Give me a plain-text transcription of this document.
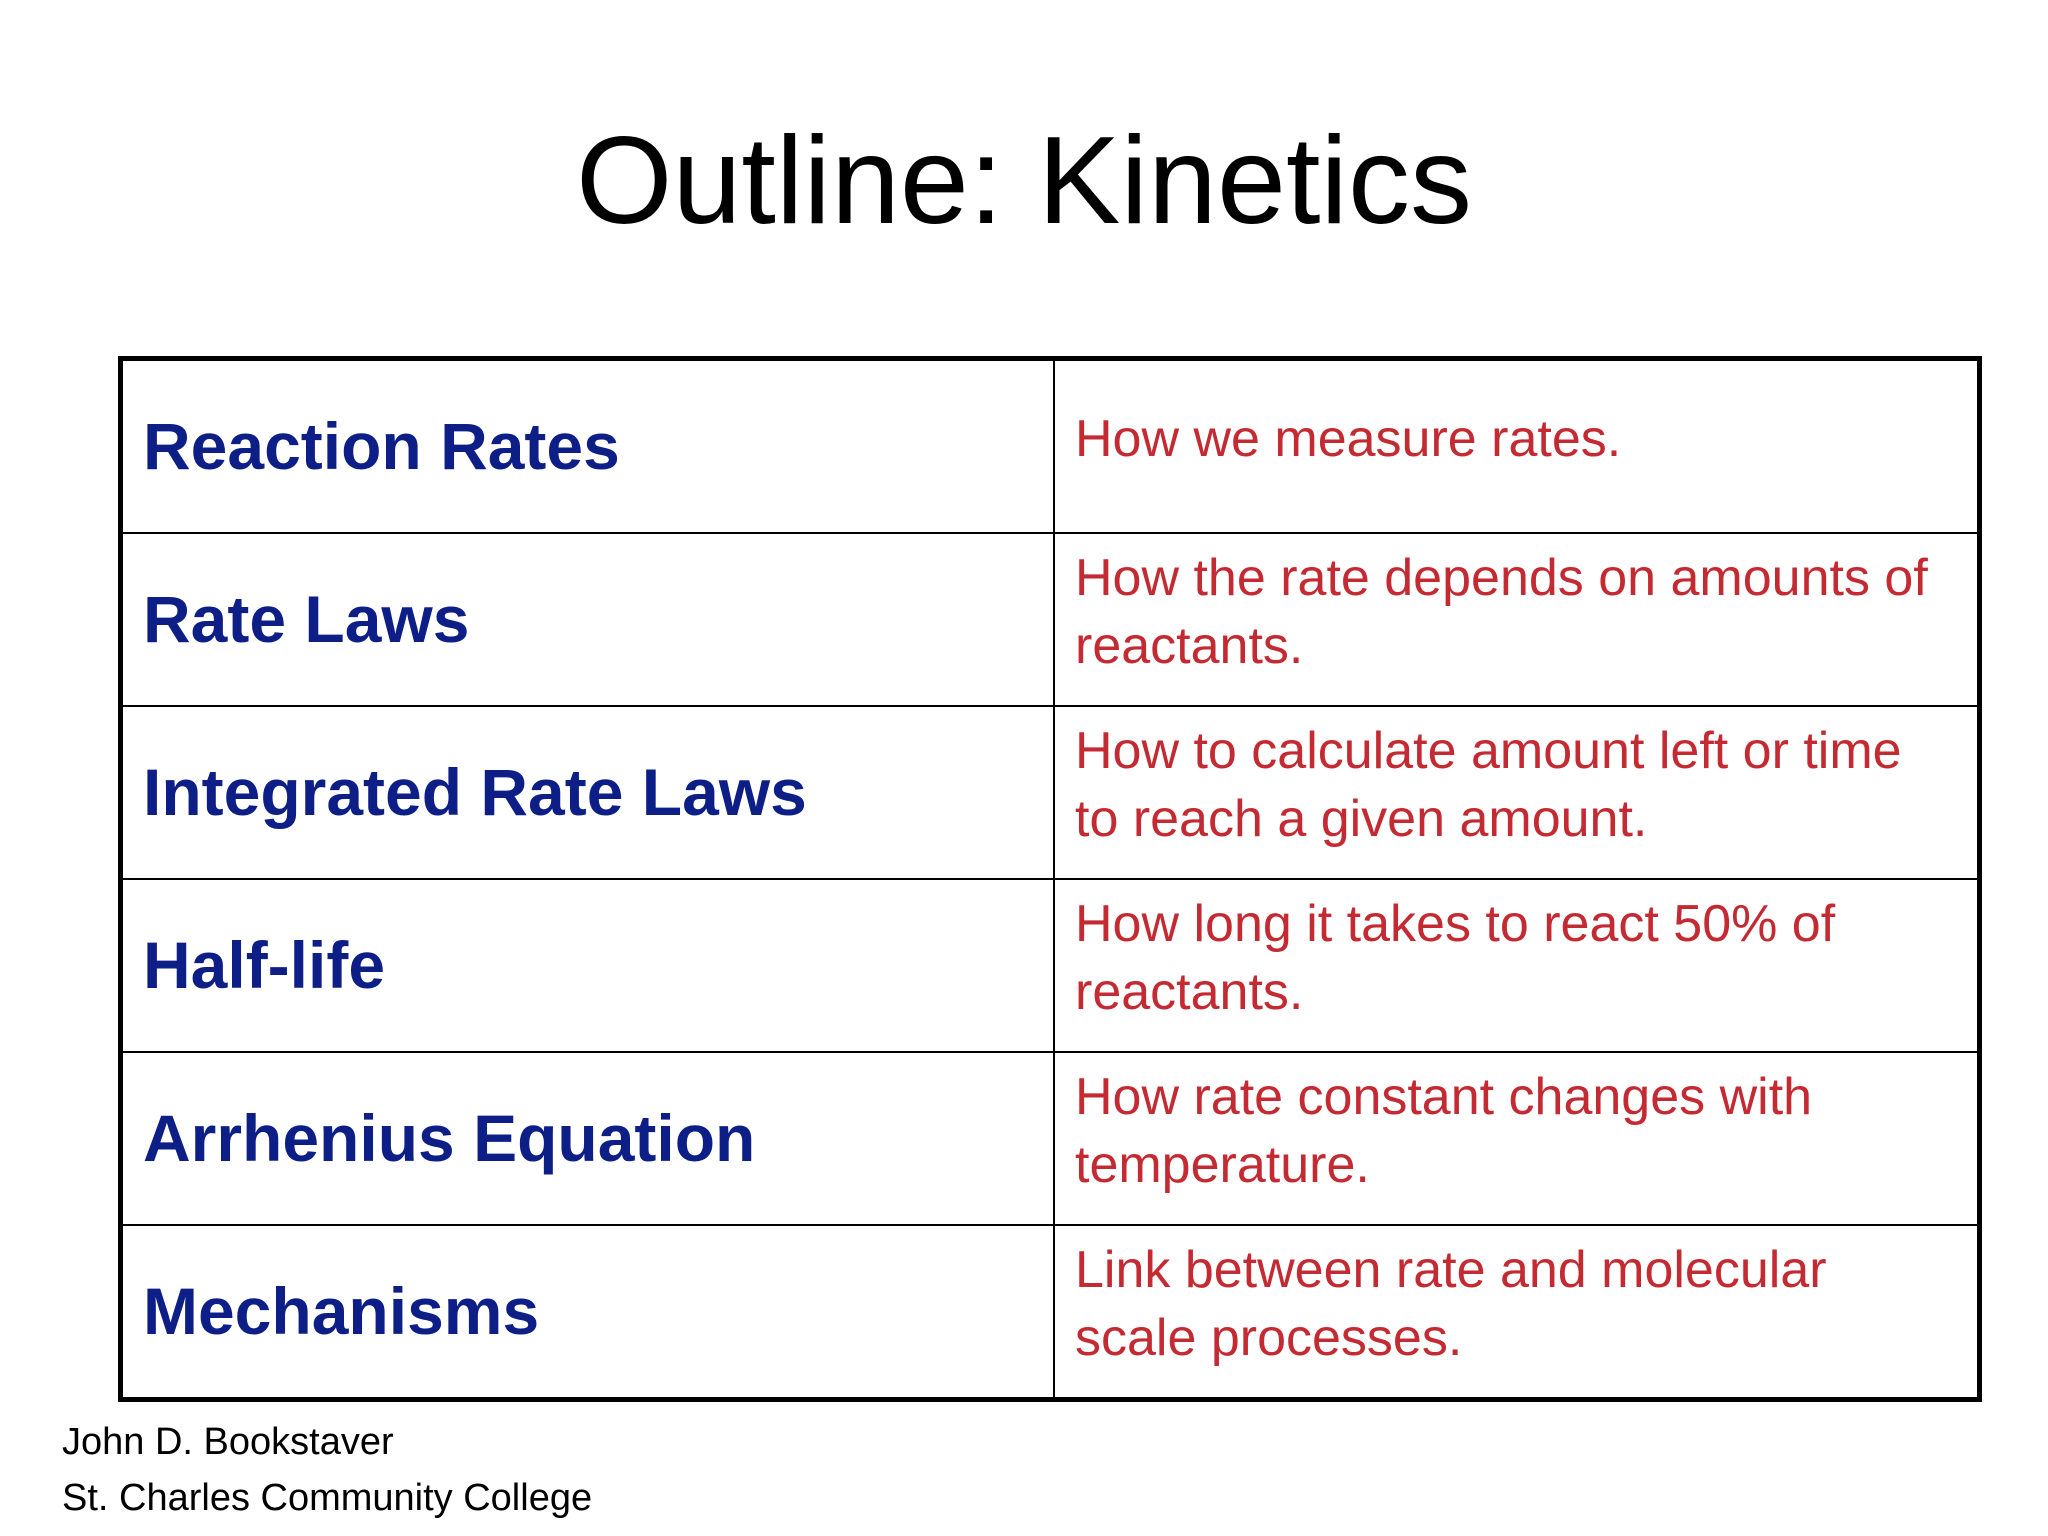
Outline: Kinetics
Reaction Rates	How we measure rates.
Rate Laws	How the rate depends on amounts of reactants.
Integrated Rate Laws	How to calculate amount left or time to reach a given amount.
Half-life	How long it takes to react 50% of reactants.
Arrhenius Equation	How rate constant changes with temperature.
Mechanisms	Link between rate and molecular scale processes.
John D. Bookstaver
St. Charles Community College
